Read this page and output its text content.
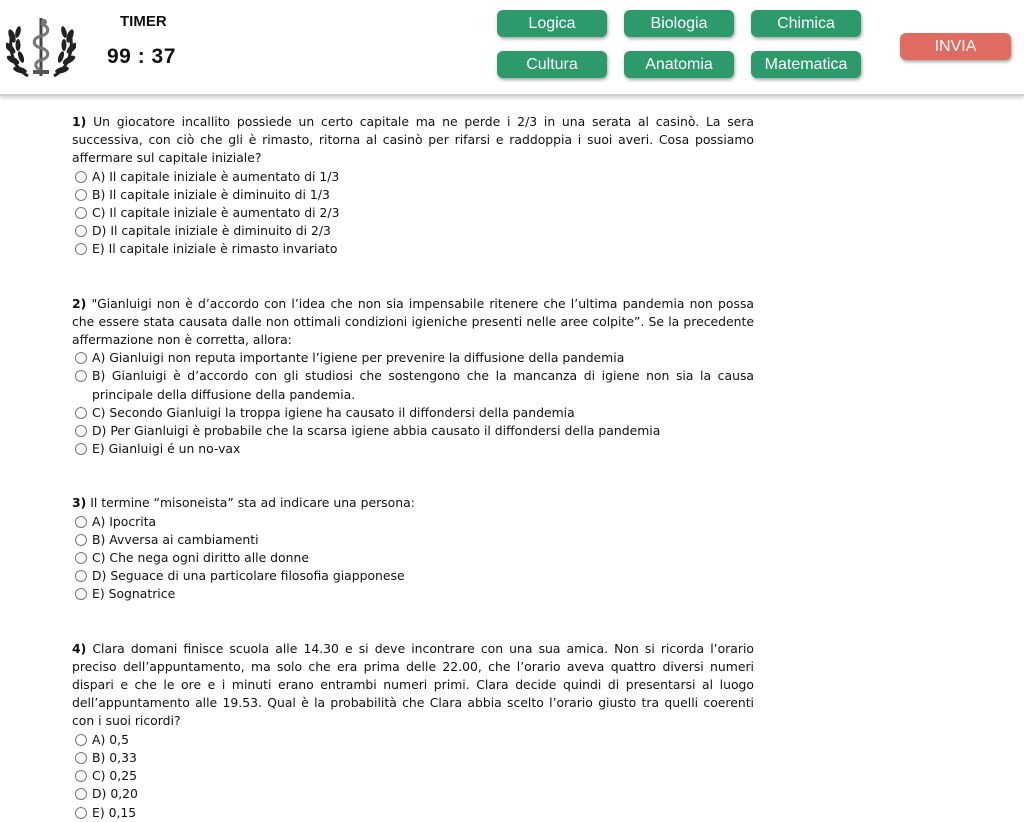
TIMER
99 : 37
Logica	Biologia	Chimica
Cultura	Anatomia	Matematica
INVIA
1) Un giocatore incallito possiede un certo capitale ma ne perde i 2/3 in una serata al casinò. La sera successiva, con ciò che gli è rimasto, ritorna al casinò per rifarsi e raddoppia i suoi averi. Cosa possiamo affermare sul capitale iniziale?
A) Il capitale iniziale è aumentato di 1/3
B) Il capitale iniziale è diminuito di 1/3
C) Il capitale iniziale è aumentato di 2/3
D) Il capitale iniziale è diminuito di 2/3
E) Il capitale iniziale è rimasto invariato
2) "Gianluigi non è d’accordo con l’idea che non sia impensabile ritenere che l’ultima pandemia non possa che essere stata causata dalle non ottimali condizioni igieniche presenti nelle aree colpite”. Se la precedente affermazione non è corretta, allora:
A) Gianluigi non reputa importante l’igiene per prevenire la diffusione della pandemia
B) Gianluigi è d’accordo con gli studiosi che sostengono che la mancanza di igiene non sia la causa principale della diffusione della pandemia.
C) Secondo Gianluigi la troppa igiene ha causato il diffondersi della pandemia
D) Per Gianluigi è probabile che la scarsa igiene abbia causato il diffondersi della pandemia
E) Gianluigi é un no-vax
3) Il termine “misoneista” sta ad indicare una persona:
A) Ipocrita
B) Avversa ai cambiamenti
C) Che nega ogni diritto alle donne
D) Seguace di una particolare filosofia giapponese
E) Sognatrice
4) Clara domani finisce scuola alle 14.30 e si deve incontrare con una sua amica. Non si ricorda l’orario preciso dell’appuntamento, ma solo che era prima delle 22.00, che l’orario aveva quattro diversi numeri dispari e che le ore e i minuti erano entrambi numeri primi. Clara decide quindi di presentarsi al luogo dell’appuntamento alle 19.53. Qual è la probabilità che Clara abbia scelto l’orario giusto tra quelli coerenti con i suoi ricordi?
A) 0,5
B) 0,33
C) 0,25
D) 0,20
E) 0,15
